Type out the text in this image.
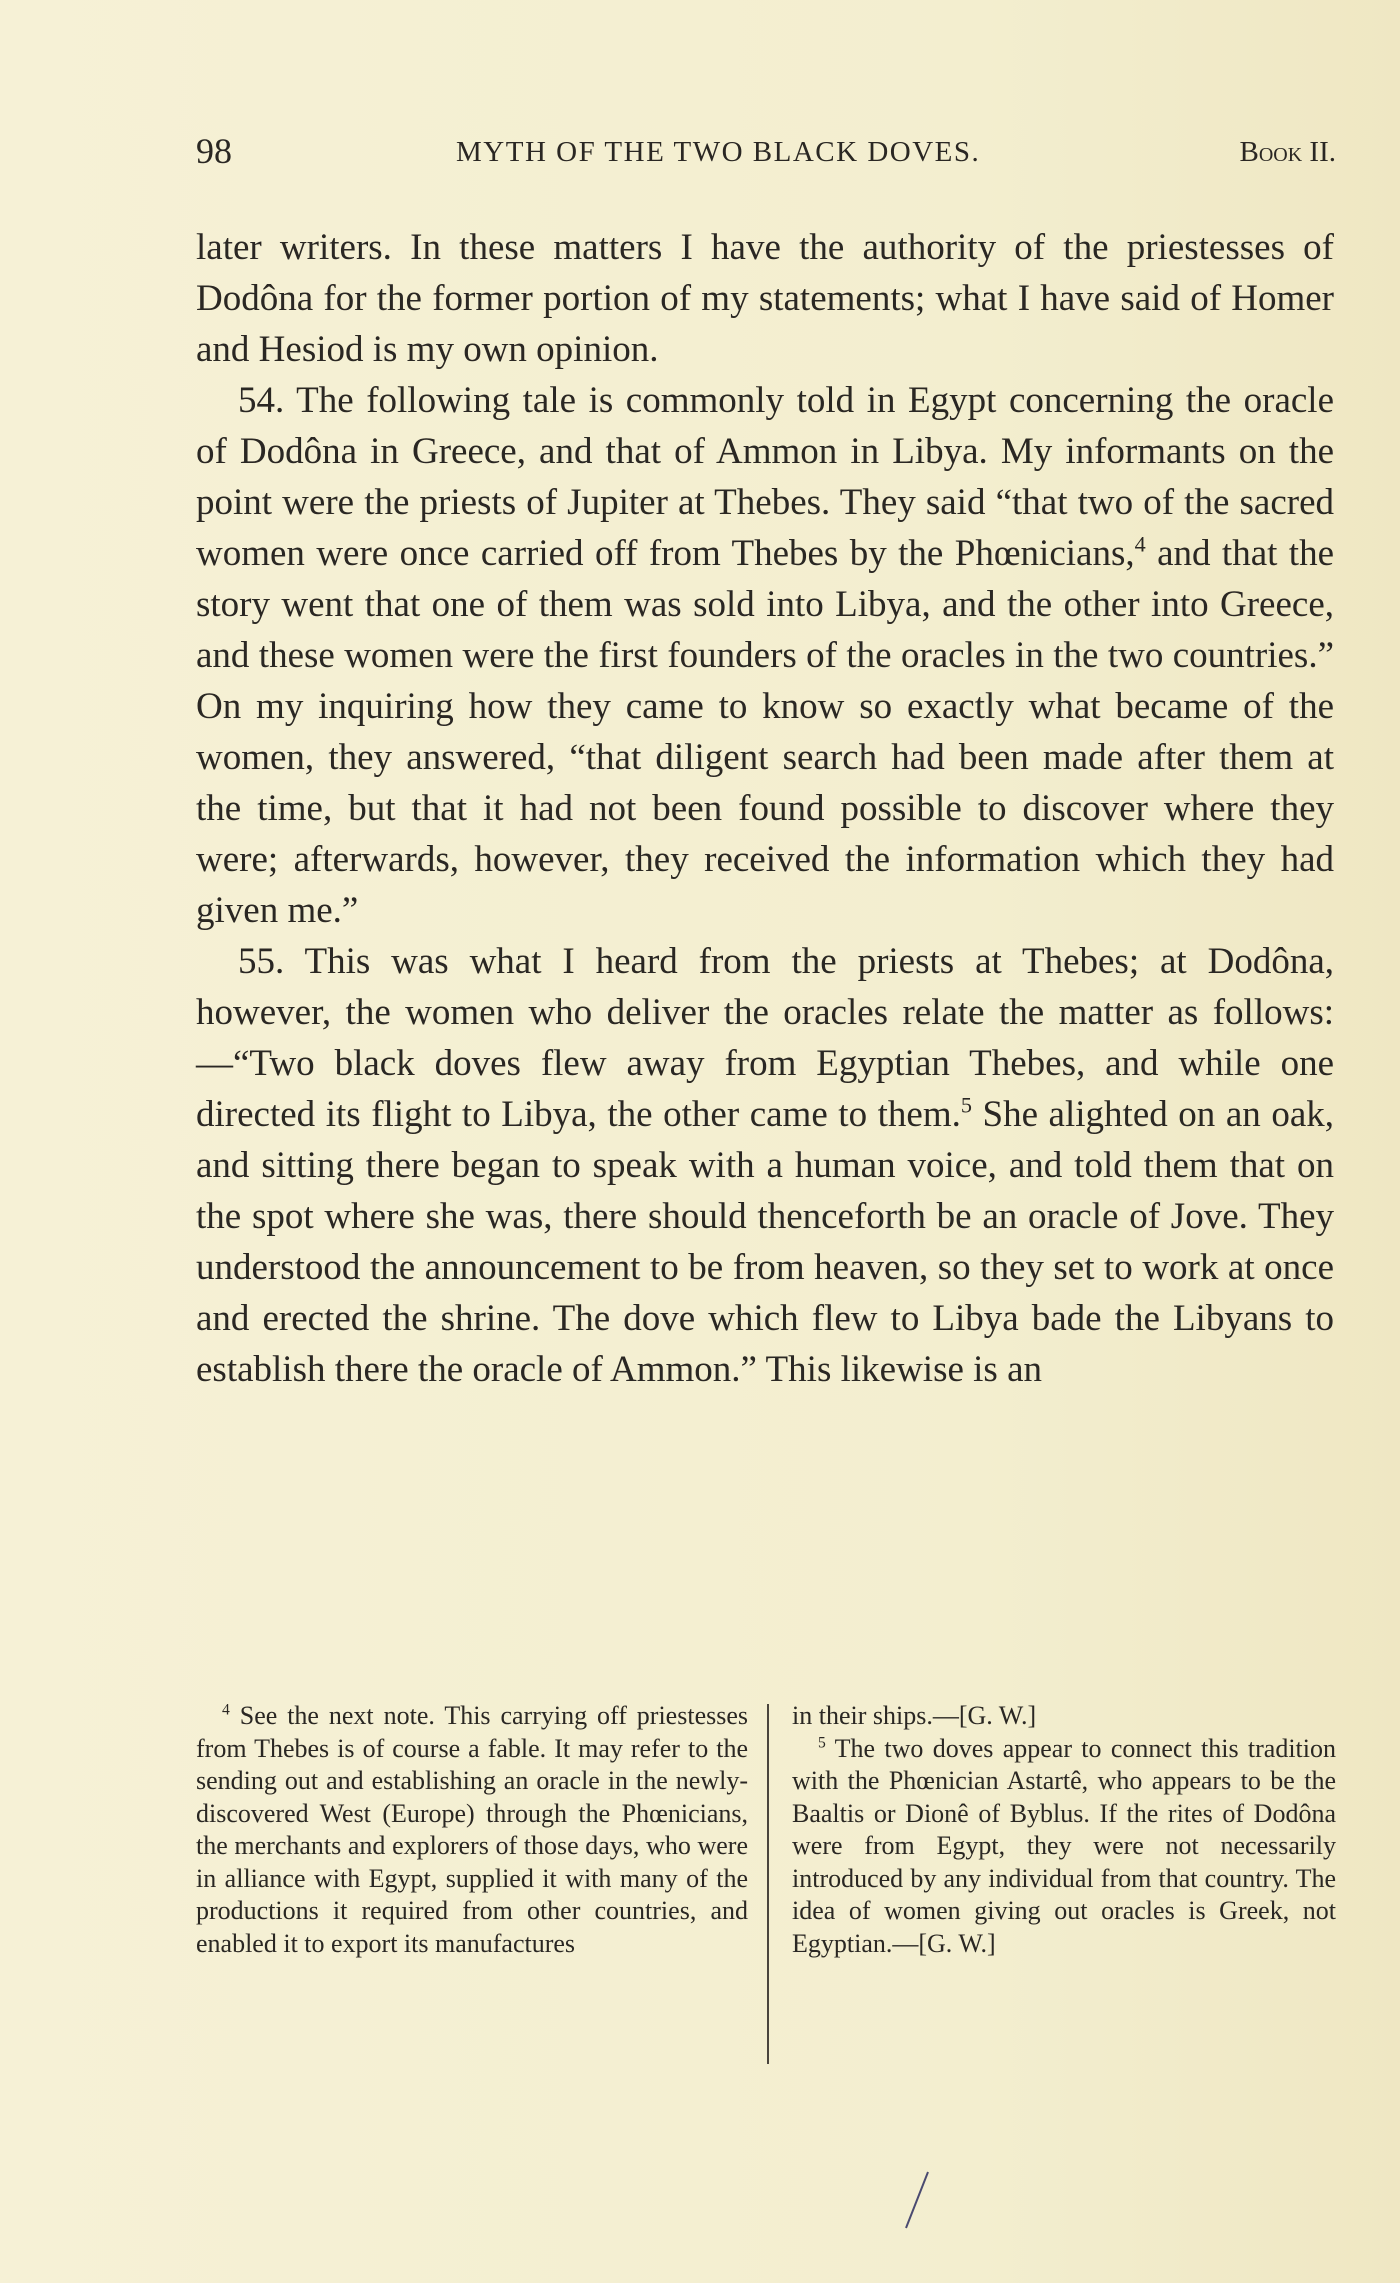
98	MYTH OF THE TWO BLACK DOVES.	Book II.

later writers. In these matters I have the authority of the priestesses of Dodôna for the former portion of my statements; what I have said of Homer and Hesiod is my own opinion.

54. The following tale is commonly told in Egypt concerning the oracle of Dodôna in Greece, and that of Ammon in Libya. My informants on the point were the priests of Jupiter at Thebes. They said “that two of the sacred women were once carried off from Thebes by the Phœnicians,$^4$ and that the story went that one of them was sold into Libya, and the other into Greece, and these women were the first founders of the oracles in the two countries.” On my inquiring how they came to know so exactly what became of the women, they answered, “that diligent search had been made after them at the time, but that it had not been found possible to discover where they were; afterwards, however, they received the information which they had given me.”

55. This was what I heard from the priests at Thebes; at Dodôna, however, the women who deliver the oracles relate the matter as follows:—“Two black doves flew away from Egyptian Thebes, and while one directed its flight to Libya, the other came to them.$^5$ She alighted on an oak, and sitting there began to speak with a human voice, and told them that on the spot where she was, there should thenceforth be an oracle of Jove. They understood the announcement to be from heaven, so they set to work at once and erected the shrine. The dove which flew to Libya bade the Libyans to establish there the oracle of Ammon.” This likewise is an

$^4$ See the next note. This carrying off priestesses from Thebes is of course a fable. It may refer to the sending out and establishing an oracle in the newly-discovered West (Europe) through the Phœnicians, the merchants and explorers of those days, who were in alliance with Egypt, supplied it with many of the productions it required from other countries, and enabled it to export its manufactures

in their ships.—[G. W.]

$^5$ The two doves appear to connect this tradition with the Phœnician Astartê, who appears to be the Baaltis or Dionê of Byblus. If the rites of Dodôna were from Egypt, they were not necessarily introduced by any individual from that country. The idea of women giving out oracles is Greek, not Egyptian.—[G. W.]
